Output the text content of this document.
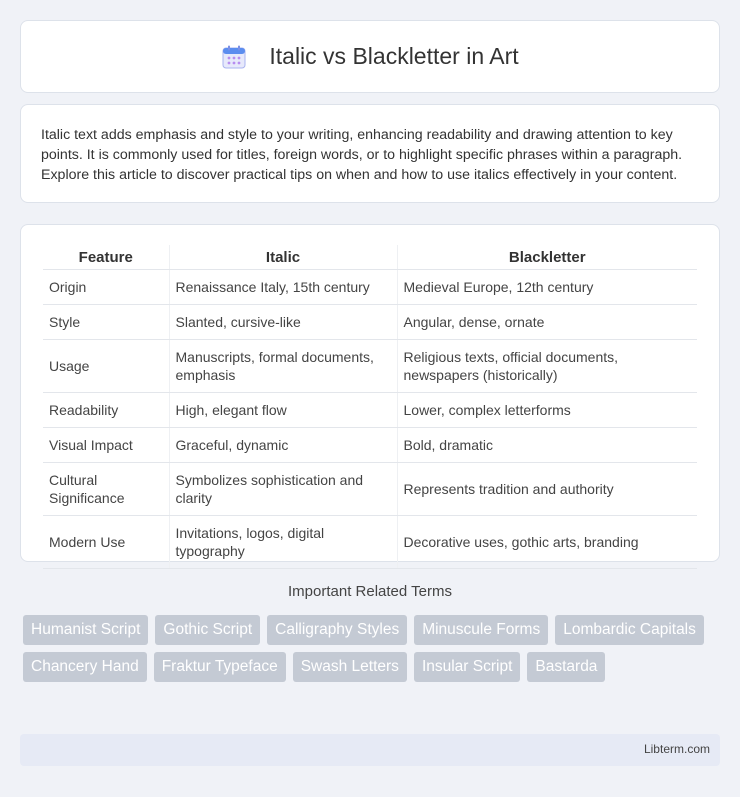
Italic vs Blackletter in Art

Italic text adds emphasis and style to your writing, enhancing readability and drawing attention to key points. It is commonly used for titles, foreign words, or to highlight specific phrases within a paragraph. Explore this article to discover practical tips on when and how to use italics effectively in your content.

Feature	Italic	Blackletter
Origin	Renaissance Italy, 15th century	Medieval Europe, 12th century
Style	Slanted, cursive-like	Angular, dense, ornate
Usage	Manuscripts, formal documents, emphasis	Religious texts, official documents, newspapers (historically)
Readability	High, elegant flow	Lower, complex letterforms
Visual Impact	Graceful, dynamic	Bold, dramatic
Cultural Significance	Symbolizes sophistication and clarity	Represents tradition and authority
Modern Use	Invitations, logos, digital typography	Decorative uses, gothic arts, branding
Important Related Terms
Humanist Script	Gothic Script	Calligraphy Styles	Minuscule Forms	Lombardic Capitals
Chancery Hand	Fraktur Typeface	Swash Letters	Insular Script	Bastarda
Libterm.com
